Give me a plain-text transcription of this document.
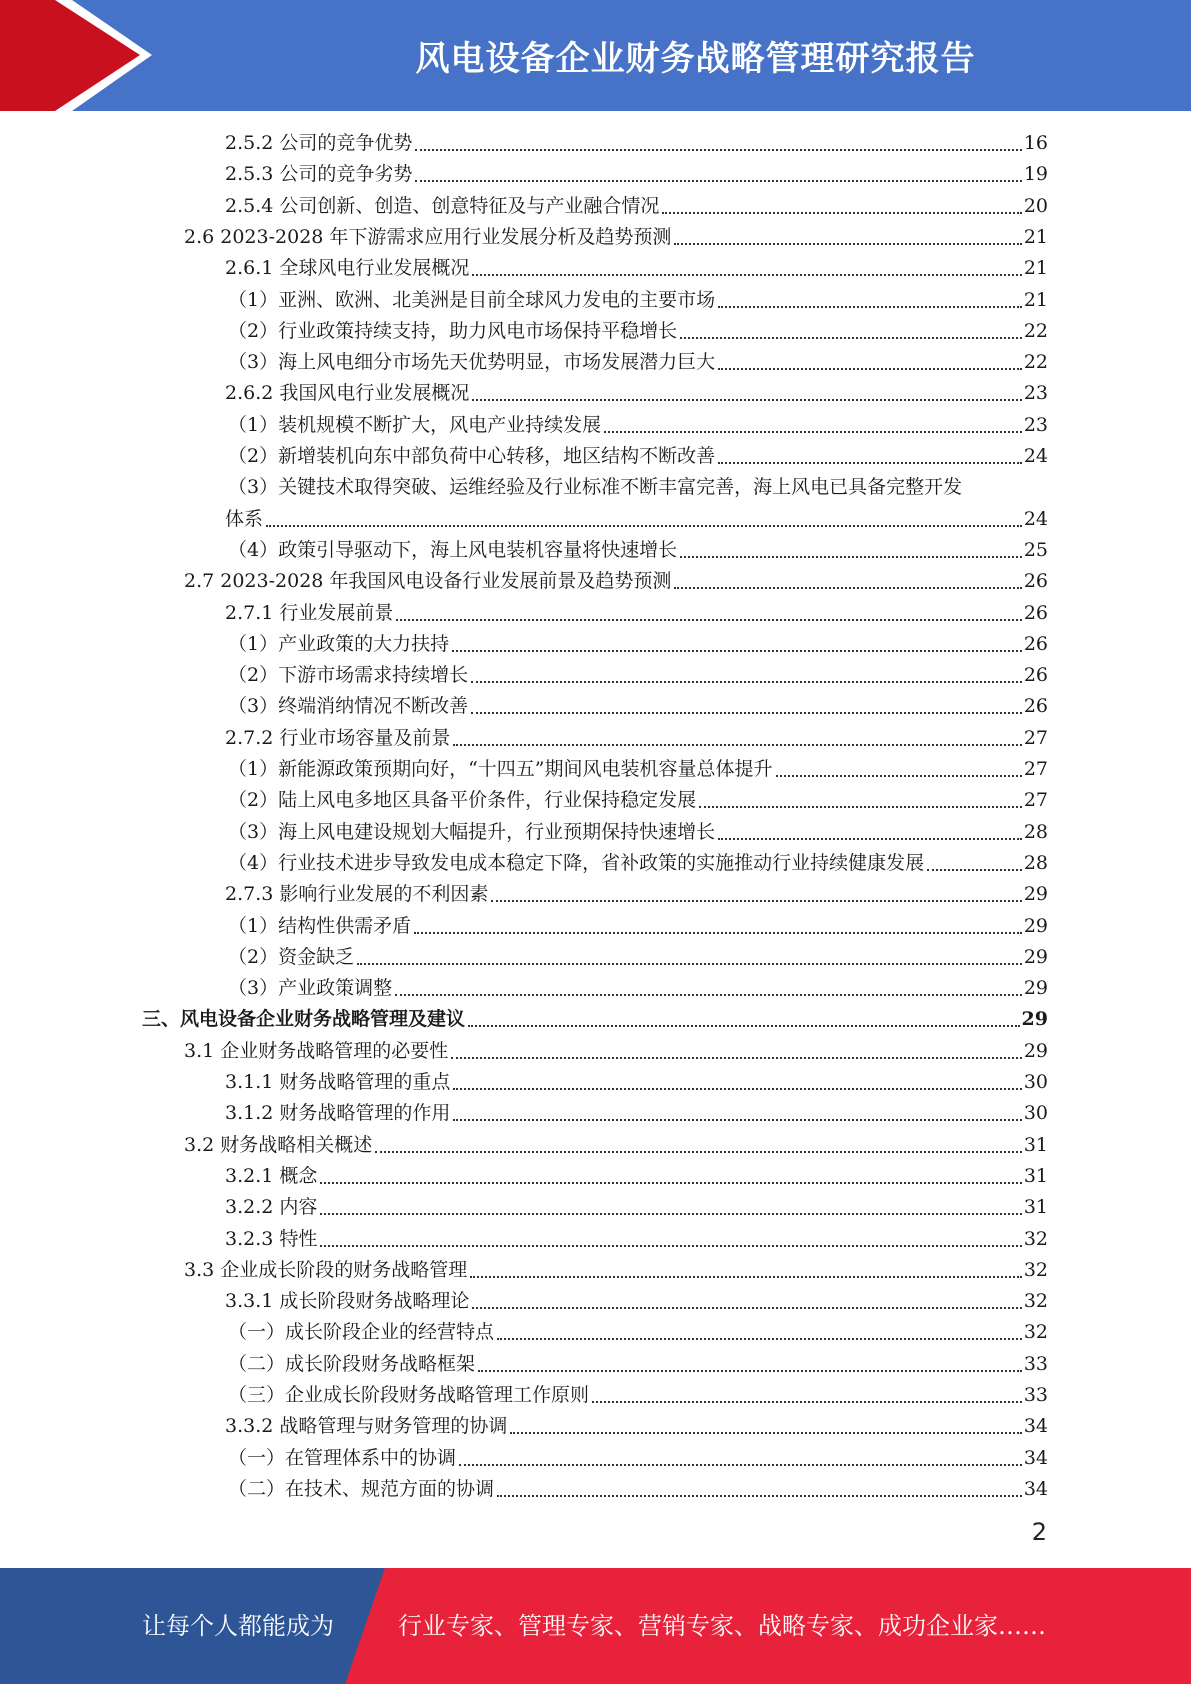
风电设备企业财务战略管理研究报告
2.5.2 公司的竞争优势	16
2.5.3 公司的竞争劣势	19
2.5.4 公司创新、创造、创意特征及与产业融合情况	20
2.6 2023-2028 年下游需求应用行业发展分析及趋势预测	21
2.6.1 全球风电行业发展概况	21
（1）亚洲、欧洲、北美洲是目前全球风力发电的主要市场	21
（2）行业政策持续支持，助力风电市场保持平稳增长	22
（3）海上风电细分市场先天优势明显，市场发展潜力巨大	22
2.6.2 我国风电行业发展概况	23
（1）装机规模不断扩大，风电产业持续发展	23
（2）新增装机向东中部负荷中心转移，地区结构不断改善	24
（3）关键技术取得突破、运维经验及行业标准不断丰富完善，海上风电已具备完整开发
体系	24
（4）政策引导驱动下，海上风电装机容量将快速增长	25
2.7 2023-2028 年我国风电设备行业发展前景及趋势预测	26
2.7.1 行业发展前景	26
（1）产业政策的大力扶持	26
（2）下游市场需求持续增长	26
（3）终端消纳情况不断改善	26
2.7.2 行业市场容量及前景	27
（1）新能源政策预期向好，“十四五”期间风电装机容量总体提升	27
（2）陆上风电多地区具备平价条件，行业保持稳定发展	27
（3）海上风电建设规划大幅提升，行业预期保持快速增长	28
（4）行业技术进步导致发电成本稳定下降，省补政策的实施推动行业持续健康发展	28
2.7.3 影响行业发展的不利因素	29
（1）结构性供需矛盾	29
（2）资金缺乏	29
（3）产业政策调整	29
三、风电设备企业财务战略管理及建议	29
3.1 企业财务战略管理的必要性	29
3.1.1 财务战略管理的重点	30
3.1.2 财务战略管理的作用	30
3.2 财务战略相关概述	31
3.2.1 概念	31
3.2.2 内容	31
3.2.3 特性	32
3.3 企业成长阶段的财务战略管理	32
3.3.1 成长阶段财务战略理论	32
（一）成长阶段企业的经营特点	32
（二）成长阶段财务战略框架	33
（三）企业成长阶段财务战略管理工作原则	33
3.3.2 战略管理与财务管理的协调	34
（一）在管理体系中的协调	34
（二）在技术、规范方面的协调	34
2
让每个人都能成为	行业专家、管理专家、营销专家、战略专家、成功企业家……
